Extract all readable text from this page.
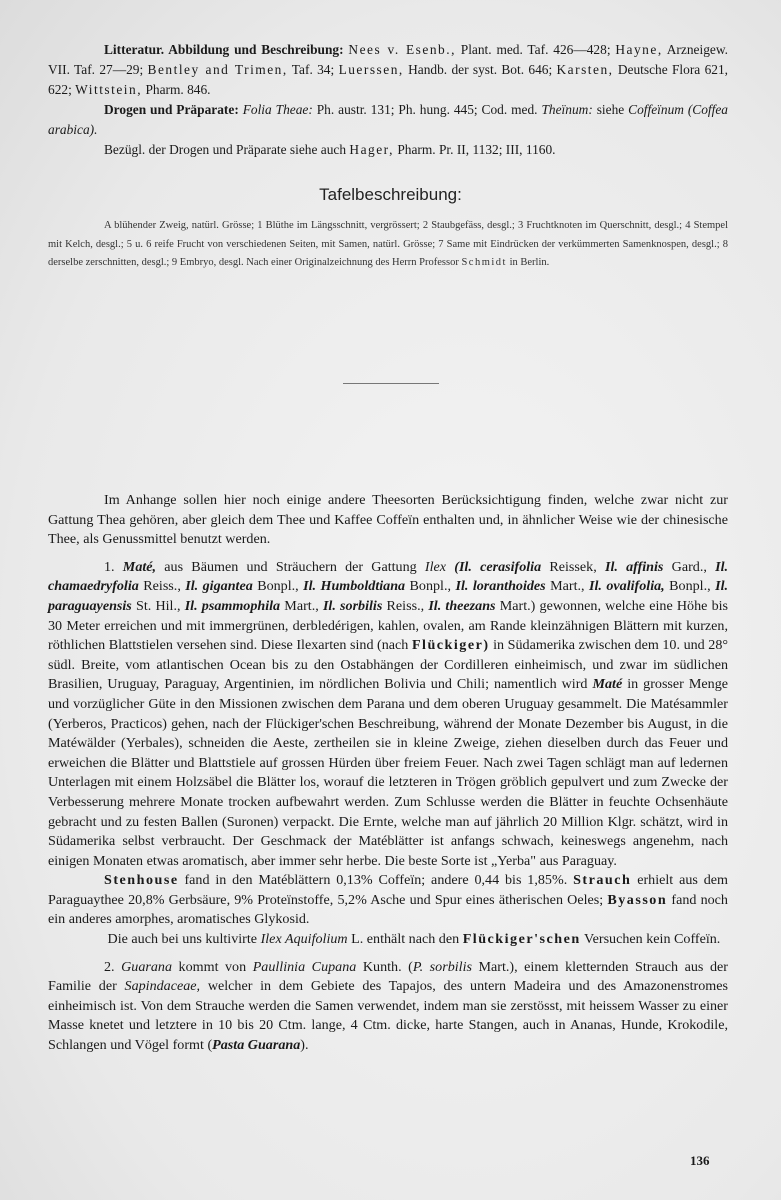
Litteratur. Abbildung und Beschreibung: Nees v. Esenb., Plant. med. Taf. 426—428; Hayne, Arzneigew. VII. Taf. 27—29; Bentley and Trimen, Taf. 34; Luerssen, Handb. der syst. Bot. 646; Karsten, Deutsche Flora 621, 622; Wittstein, Pharm. 846.

Drogen und Präparate: Folia Theae: Ph. austr. 131; Ph. hung. 445; Cod. med. Theïnum: siehe Coffeïnum (Coffea arabica).

Bezügl. der Drogen und Präparate siehe auch Hager, Pharm. Pr. II, 1132; III, 1160.

Tafelbeschreibung:

A blühender Zweig, natürl. Grösse; 1 Blüthe im Längsschnitt, vergrössert; 2 Staubgefäss, desgl.; 3 Fruchtknoten im Querschnitt, desgl.; 4 Stempel mit Kelch, desgl.; 5 u. 6 reife Frucht von verschiedenen Seiten, mit Samen, natürl. Grösse; 7 Same mit Eindrücken der verkümmerten Samenknospen, desgl.; 8 derselbe zerschnitten, desgl.; 9 Embryo, desgl. Nach einer Originalzeichnung des Herrn Professor Schmidt in Berlin.

Im Anhange sollen hier noch einige andere Theesorten Berücksichtigung finden, welche zwar nicht zur Gattung Thea gehören, aber gleich dem Thee und Kaffee Coffeïn enthalten und, in ähnlicher Weise wie der chinesische Thee, als Genussmittel benutzt werden.

1. Maté, aus Bäumen und Sträuchern der Gattung Ilex (Il. cerasifolia Reissek, Il. affinis Gard., Il. chamaedryfolia Reiss., Il. gigantea Bonpl., Il. Humboldtiana Bonpl., Il. loranthoides Mart., Il. ovalifolia, Bonpl., Il. paraguayensis St. Hil., Il. psammophila Mart., Il. sorbilis Reiss., Il. theezans Mart.) gewonnen, welche eine Höhe bis 30 Meter erreichen und mit immergrünen, derbledérigen, kahlen, ovalen, am Rande kleinzähnigen Blättern mit kurzen, röthlichen Blattstielen versehen sind. Diese Ilexarten sind (nach Flückiger) in Südamerika zwischen dem 10. und 28° südl. Breite, vom atlantischen Ocean bis zu den Ostabhängen der Cordilleren einheimisch, und zwar im südlichen Brasilien, Uruguay, Paraguay, Argentinien, im nördlichen Bolivia und Chili; namentlich wird Maté in grosser Menge und vorzüglicher Güte in den Missionen zwischen dem Parana und dem oberen Uruguay gesammelt. Die Matésammler (Yerberos, Practicos) gehen, nach der Flückiger'schen Beschreibung, während der Monate Dezember bis August, in die Matéwälder (Yerbales), schneiden die Aeste, zertheilen sie in kleine Zweige, ziehen dieselben durch das Feuer und erweichen die Blätter und Blattstiele auf grossen Hürden über freiem Feuer. Nach zwei Tagen schlägt man auf ledernen Unterlagen mit einem Holzsäbel die Blätter los, worauf die letzteren in Trögen gröblich gepulvert und zum Zwecke der Verbesserung mehrere Monate trocken aufbewahrt werden. Zum Schlusse werden die Blätter in feuchte Ochsenhäute gebracht und zu festen Ballen (Suronen) verpackt. Die Ernte, welche man auf jährlich 20 Million Klgr. schätzt, wird in Südamerika selbst verbraucht. Der Geschmack der Matéblätter ist anfangs schwach, keineswegs angenehm, nach einigen Monaten etwas aromatisch, aber immer sehr herbe. Die beste Sorte ist „Yerba" aus Paraguay.

Stenhouse fand in den Matéblättern 0,13% Coffeïn; andere 0,44 bis 1,85%. Strauch erhielt aus dem Paraguaythee 20,8% Gerbsäure, 9% Proteïnstoffe, 5,2% Asche und Spur eines ätherischen Oeles; Byasson fand noch ein anderes amorphes, aromatisches Glykosid.
Die auch bei uns kultivirte Ilex Aquifolium L. enthält nach den Flückiger'schen Versuchen kein Coffeïn.

2. Guarana kommt von Paullinia Cupana Kunth. (P. sorbilis Mart.), einem kletternden Strauch aus der Familie der Sapindaceae, welcher in dem Gebiete des Tapajos, des untern Madeira und des Amazonenstromes einheimisch ist. Von dem Strauche werden die Samen verwendet, indem man sie zerstösst, mit heissem Wasser zu einer Masse knetet und letztere in 10 bis 20 Ctm. lange, 4 Ctm. dicke, harte Stangen, auch in Ananas, Hunde, Krokodile, Schlangen und Vögel formt (Pasta Guarana).

136
